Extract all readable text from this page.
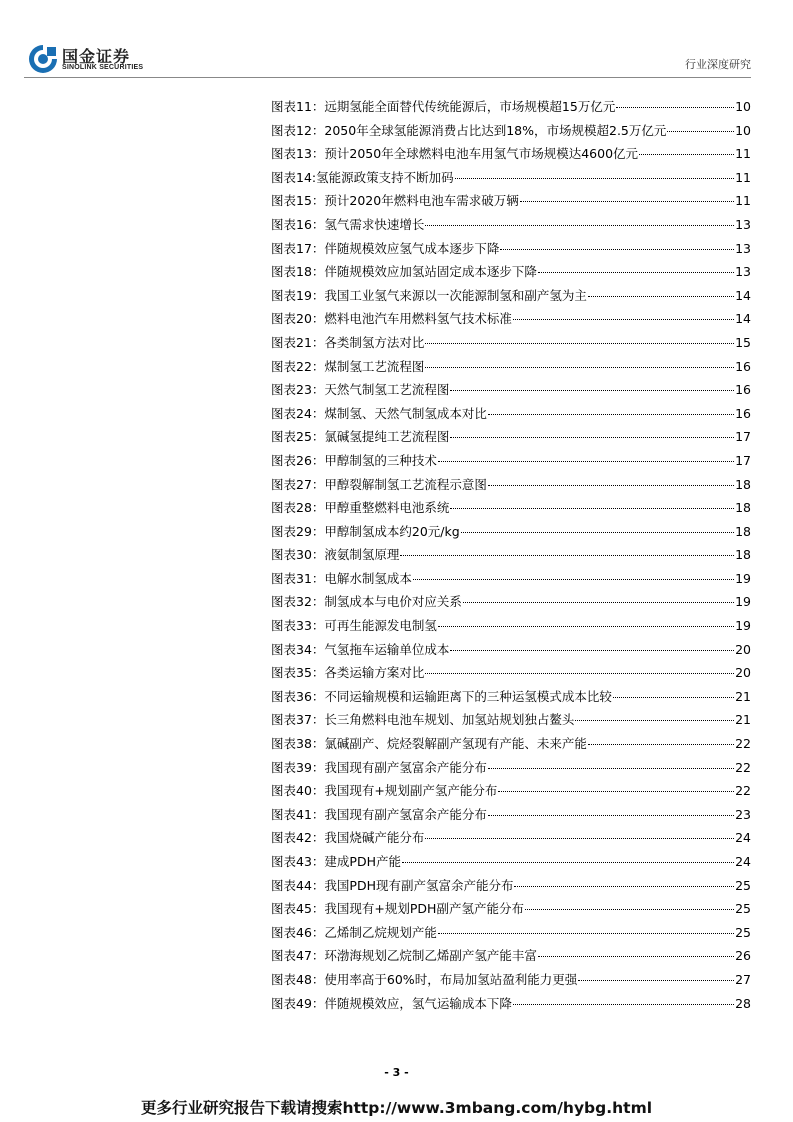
国金证券
SINOLINK SECURITIES	行业深度研究
图表11： 远期氢能全面替代传统能源后，市场规模超15万亿元	10
图表12： 2050年全球氢能源消费占比达到18%，市场规模超2.5万亿元	10
图表13： 预计2050年全球燃料电池车用氢气市场规模达4600亿元	11
图表14: 氢能源政策支持不断加码	11
图表15： 预计2020年燃料电池车需求破万辆	11
图表16： 氢气需求快速增长	13
图表17： 伴随规模效应氢气成本逐步下降	13
图表18： 伴随规模效应加氢站固定成本逐步下降	13
图表19： 我国工业氢气来源以一次能源制氢和副产氢为主	14
图表20： 燃料电池汽车用燃料氢气技术标准	14
图表21： 各类制氢方法对比	15
图表22： 煤制氢工艺流程图	16
图表23： 天然气制氢工艺流程图	16
图表24： 煤制氢、天然气制氢成本对比	16
图表25： 氯碱氢提纯工艺流程图	17
图表26： 甲醇制氢的三种技术	17
图表27： 甲醇裂解制氢工艺流程示意图	18
图表28： 甲醇重整燃料电池系统	18
图表29： 甲醇制氢成本约20元/kg	18
图表30： 液氨制氢原理	18
图表31： 电解水制氢成本	19
图表32： 制氢成本与电价对应关系	19
图表33： 可再生能源发电制氢	19
图表34： 气氢拖车运输单位成本	20
图表35： 各类运输方案对比	20
图表36： 不同运输规模和运输距离下的三种运氢模式成本比较	21
图表37： 长三角燃料电池车规划、加氢站规划独占鳌头	21
图表38： 氯碱副产、烷烃裂解副产氢现有产能、未来产能	22
图表39： 我国现有副产氢富余产能分布	22
图表40： 我国现有+规划副产氢产能分布	22
图表41： 我国现有副产氢富余产能分布	23
图表42： 我国烧碱产能分布	24
图表43： 建成PDH产能	24
图表44： 我国PDH现有副产氢富余产能分布	25
图表45： 我国现有+规划PDH副产氢产能分布	25
图表46： 乙烯制乙烷规划产能	25
图表47： 环渤海规划乙烷制乙烯副产氢产能丰富	26
图表48： 使用率高于60%时，布局加氢站盈利能力更强	27
图表49： 伴随规模效应，氢气运输成本下降	28
- 3 -
更多行业研究报告下载请搜索http://www.3mbang.com/hybg.html
